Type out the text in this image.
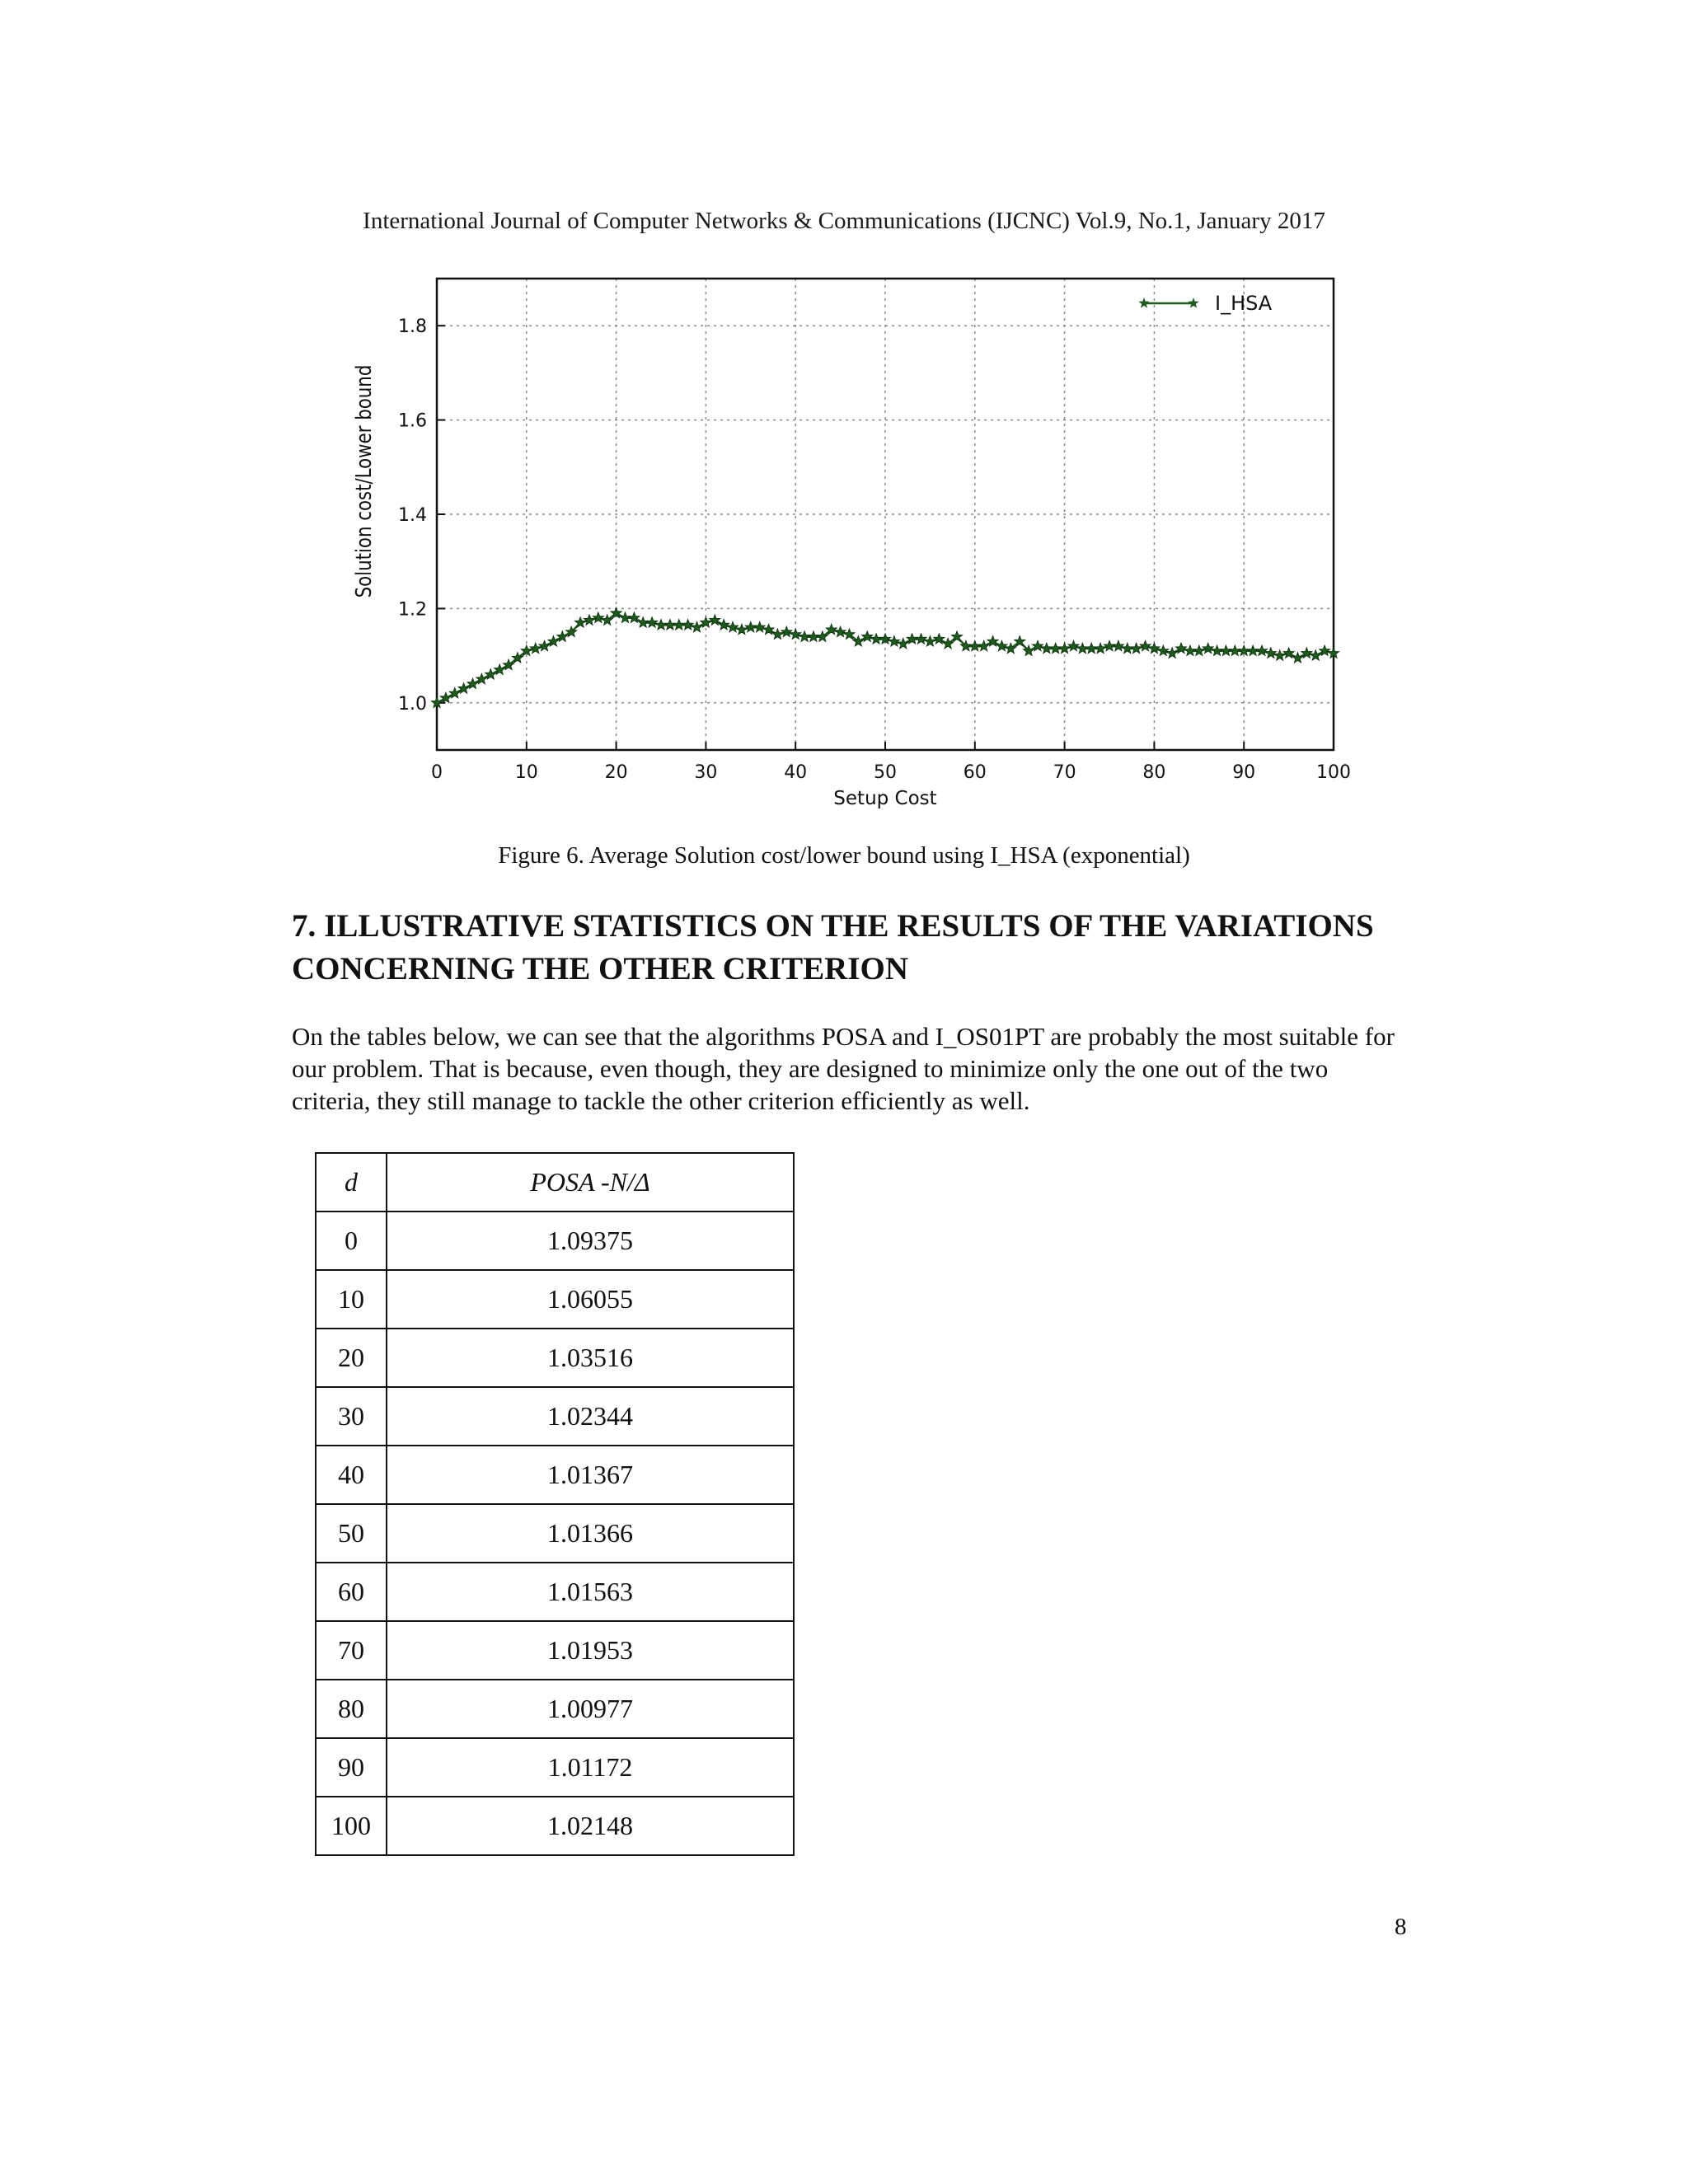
International Journal of Computer Networks & Communications (IJCNC) Vol.9, No.1, January 2017
0	10	20	30	40	50	60	70	80	90	100
1.0
1.2
1.4
1.6
1.8
Setup Cost
Solution cost/Lower bound
I_HSA
Figure 6. Average Solution cost/lower bound using I_HSA (exponential)
7. ILLUSTRATIVE STATISTICS ON THE RESULTS OF THE VARIATIONS CONCERNING THE OTHER CRITERION
On the tables below, we can see that the algorithms POSA and I_OS01PT are probably the most suitable for our problem. That is because, even though, they are designed to minimize only the one out of the two criteria, they still manage to tackle the other criterion efficiently as well.
d	POSA -N/Δ
0	1.09375
10	1.06055
20	1.03516
30	1.02344
40	1.01367
50	1.01366
60	1.01563
70	1.01953
80	1.00977
90	1.01172
100	1.02148
8
